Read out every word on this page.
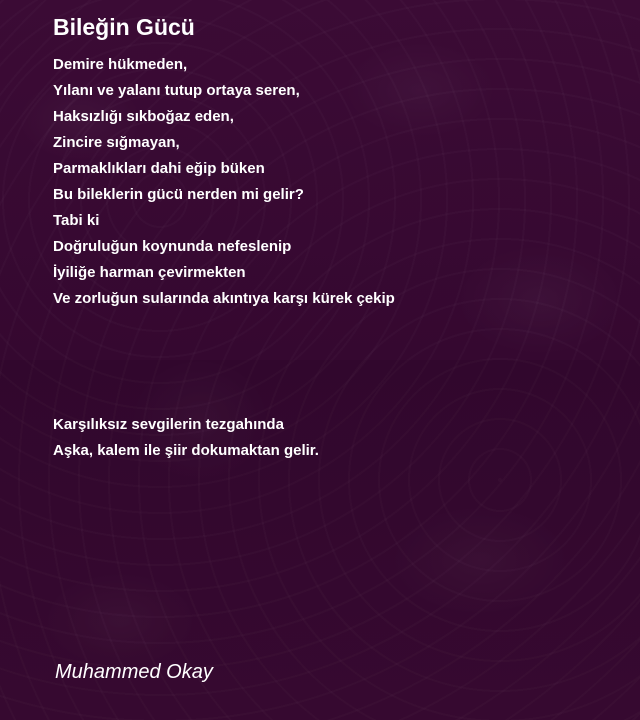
Bileğin Gücü
Demire hükmeden,
Yılanı ve yalanı tutup ortaya seren,
Haksızlığı sıkboğaz eden,
Zincire sığmayan,
Parmaklıkları dahi eğip büken
Bu bileklerin gücü nerden mi gelir?
Tabi ki
Doğruluğun koynunda nefeslenip
İyiliğe harman çevirmekten
Ve zorluğun sularında akıntıya karşı kürek çekip
Karşılıksız sevgilerin tezgahında
Aşka, kalem ile şiir dokumaktan gelir.
Muhammed Okay
